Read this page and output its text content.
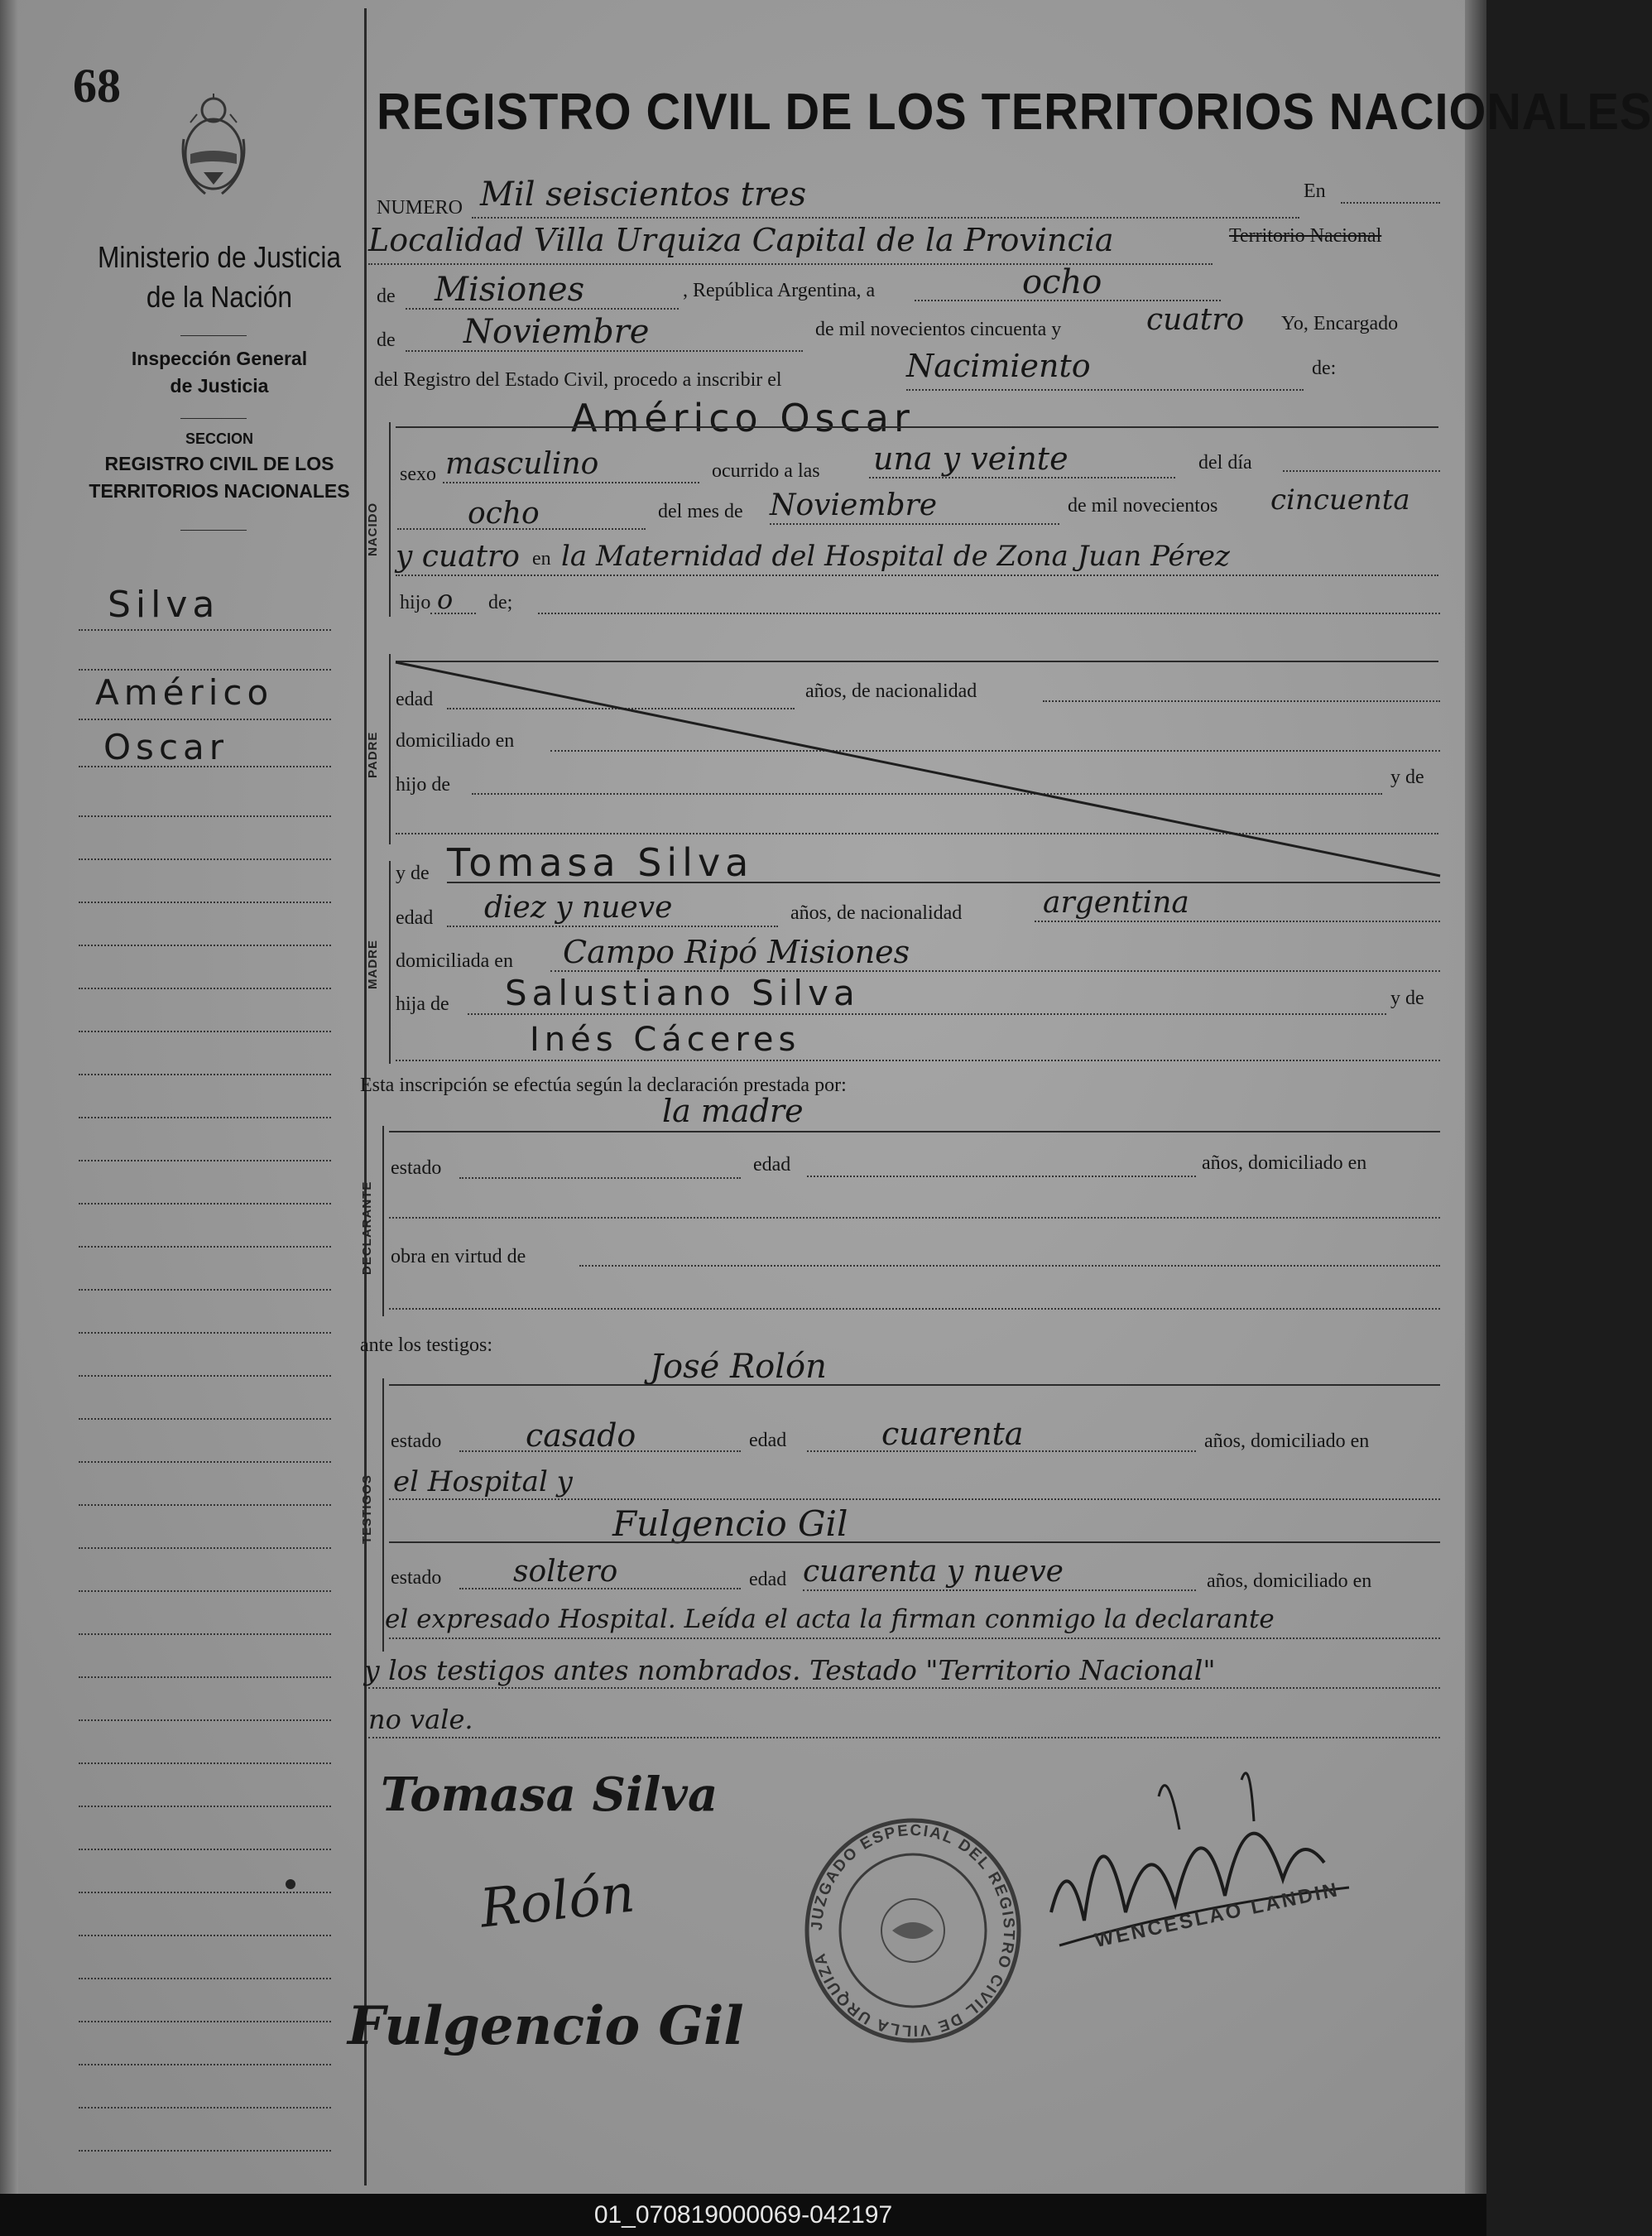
68	REGISTRO CIVIL DE LOS TERRITORIOS NACIONALES
Ministerio de Justicia
de la Nación
Inspección General
de Justicia
SECCION
REGISTRO CIVIL DE LOS
TERRITORIOS NACIONALES
Silva
Américo
Oscar
NUMERO Mil seiscientos tres	En
Localidad Villa Urquiza Capital de la Provincia	Territorio Nacional
de Misiones	, República Argentina, a	ocho
de Noviembre	de mil novecientos cincuenta y	cuatro Yo, Encargado
del Registro del Estado Civil, procedo a inscribir el	Nacimiento	de:
NACIDO
Américo Oscar
sexo masculino	ocurrido a las una y veinte	del día
ocho	del mes de Noviembre	de mil novecientos cincuenta
y cuatro en la Maternidad del Hospital de Zona Juan Pérez
hijo o de;
PADRE
edad	años, de nacionalidad
domiciliado en
hijo de	y de
MADRE
y de Tomasa Silva
edad diez y nueve	años, de nacionalidad	argentina
domiciliada en Campo Ripó Misiones
hija de Salustiano Silva	y de
Inés Cáceres
Esta inscripción se efectúa según la declaración prestada por:
la madre
DECLARANTE
estado	edad	años, domiciliado en
obra en virtud de
ante los testigos:
TESTIGOS
José Rolón
estado	casado	edad	cuarenta	años, domiciliado en
el Hospital y
Fulgencio Gil
estado soltero	edad cuarenta y nueve	años, domiciliado en
el expresado Hospital. Leída el acta la firman conmigo la declarante
y los testigos antes nombrados. Testado "Territorio Nacional"
no vale.
Tomasa Silva
Rolón
Fulgencio Gil
JUZGADO ESPECIAL DEL REGISTRO CIVIL DE VILLA URQUIZA
WENCESLAO LANDIN
01_070819000069-042197
